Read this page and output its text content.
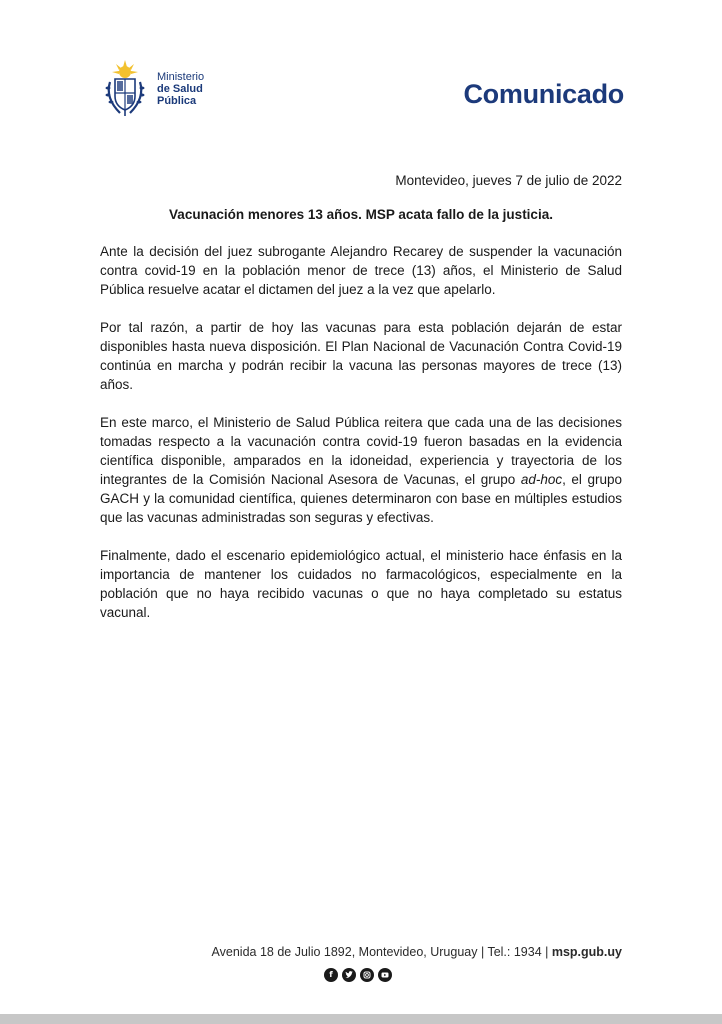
Ministerio
de Salud
Pública	Comunicado
Montevideo, jueves 7 de julio de 2022
Vacunación menores 13 años. MSP acata fallo de la justicia.

Ante la decisión del juez subrogante Alejandro Recarey de suspender la vacunación contra covid-19 en la población menor de trece (13) años, el Ministerio de Salud Pública resuelve acatar el dictamen del juez a la vez que apelarlo.

Por tal razón, a partir de hoy las vacunas para esta población dejarán de estar disponibles hasta nueva disposición. El Plan Nacional de Vacunación Contra Covid-19 continúa en marcha y podrán recibir la vacuna las personas mayores de trece (13) años.

En este marco, el Ministerio de Salud Pública reitera que cada una de las decisiones tomadas respecto a la vacunación contra covid-19 fueron basadas en la evidencia científica disponible, amparados en la idoneidad, experiencia y trayectoria de los integrantes de la Comisión Nacional Asesora de Vacunas, el grupo ad-hoc, el grupo GACH y la comunidad científica, quienes determinaron con base en múltiples estudios que las vacunas administradas son seguras y efectivas.

Finalmente, dado el escenario epidemiológico actual, el ministerio hace énfasis en la importancia de mantener los cuidados no farmacológicos, especialmente en la población que no haya recibido vacunas o que no haya completado su estatus vacunal.

Avenida 18 de Julio 1892, Montevideo, Uruguay | Tel.: 1934 | msp.gub.uy
f
